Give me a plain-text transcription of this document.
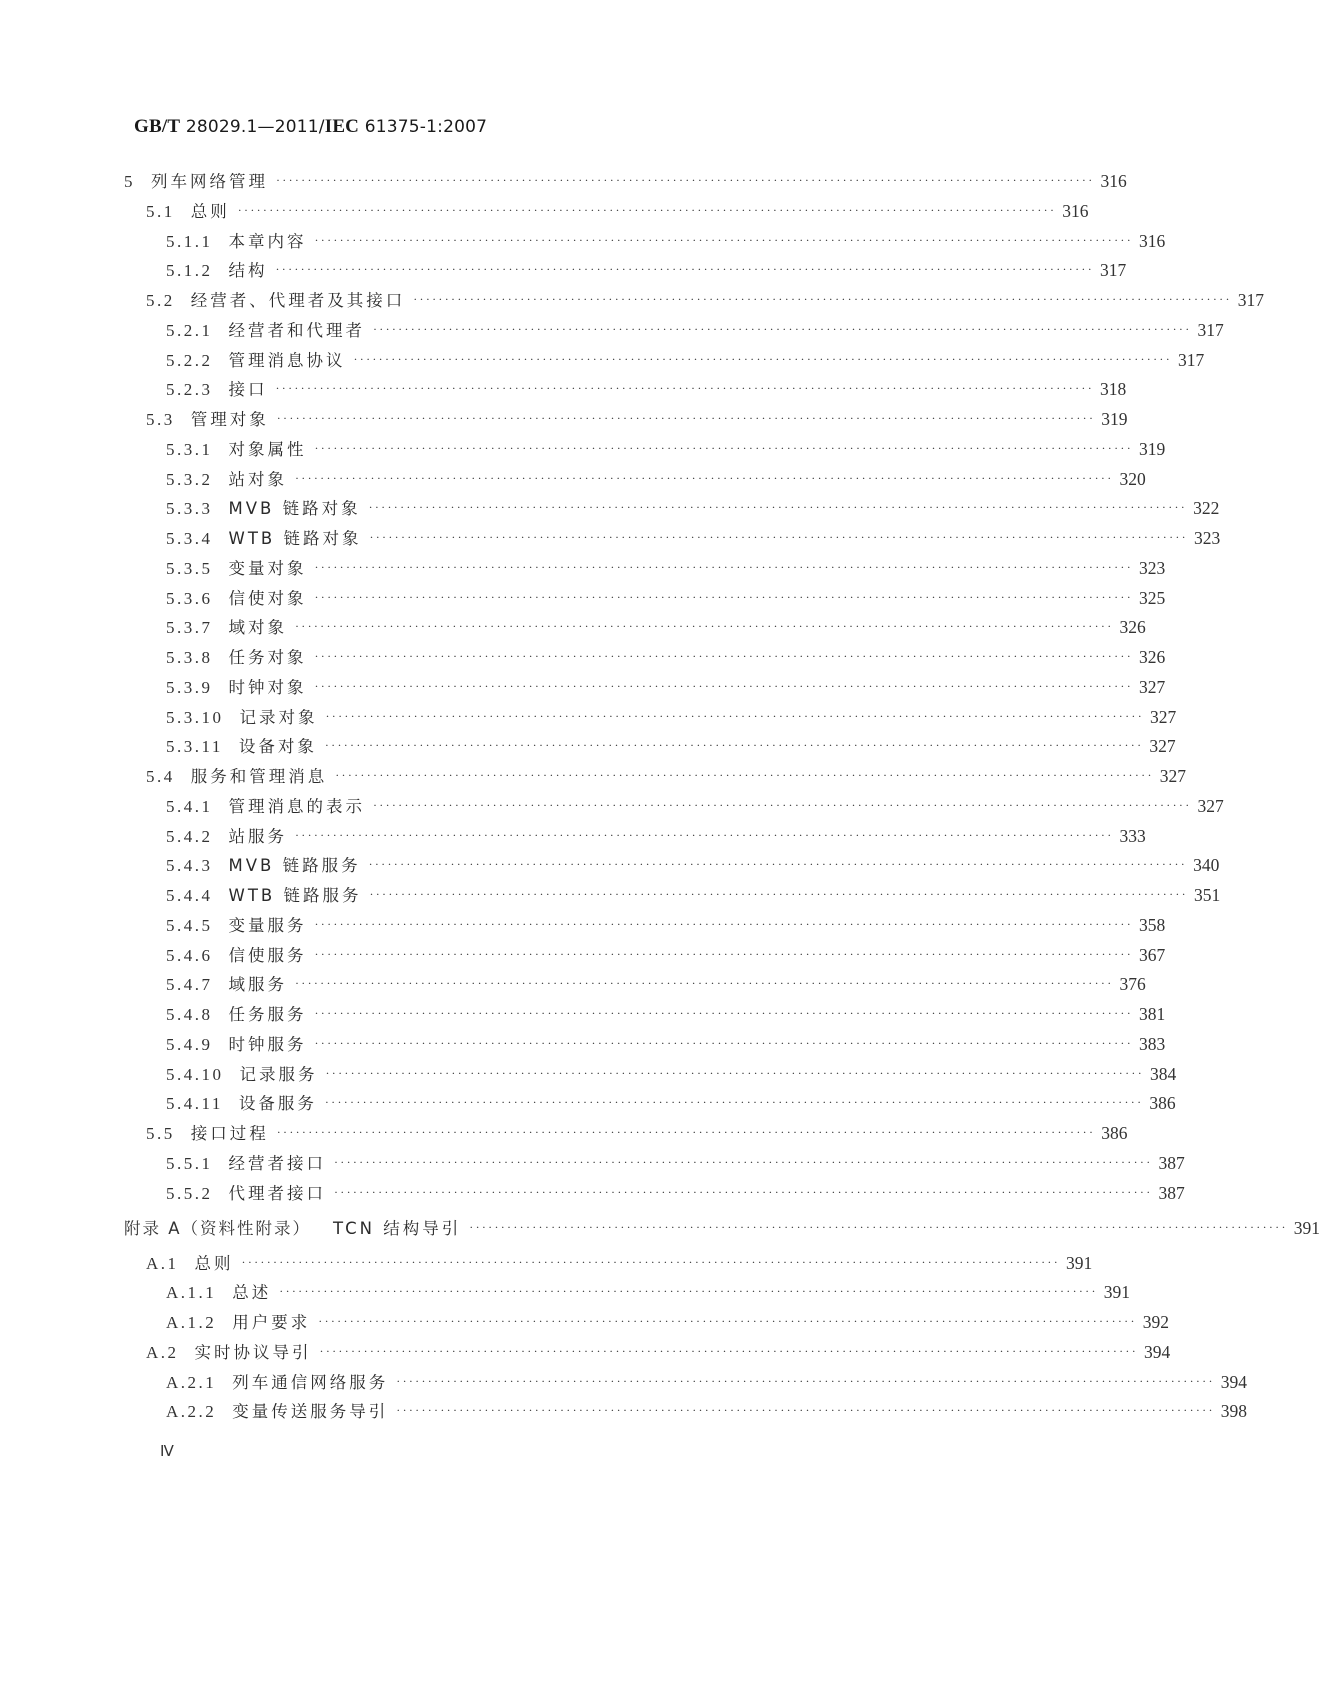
GB/T 28029.1—2011/IEC 61375-1:2007
5 列车网络管理 ·································································································································· 316
5.1 总则 ·································································································································· 316
5.1.1 本章内容 ·································································································································· 316
5.1.2 结构 ·································································································································· 317
5.2 经营者、代理者及其接口 ·································································································································· 317
5.2.1 经营者和代理者 ·································································································································· 317
5.2.2 管理消息协议 ·································································································································· 317
5.2.3 接口 ·································································································································· 318
5.3 管理对象 ·································································································································· 319
5.3.1 对象属性 ·································································································································· 319
5.3.2 站对象 ·································································································································· 320
5.3.3 MVB 链路对象 ·································································································································· 322
5.3.4 WTB 链路对象 ·································································································································· 323
5.3.5 变量对象 ·································································································································· 323
5.3.6 信使对象 ·································································································································· 325
5.3.7 域对象 ·································································································································· 326
5.3.8 任务对象 ·································································································································· 326
5.3.9 时钟对象 ·································································································································· 327
5.3.10 记录对象 ·································································································································· 327
5.3.11 设备对象 ·································································································································· 327
5.4 服务和管理消息 ·································································································································· 327
5.4.1 管理消息的表示 ·································································································································· 327
5.4.2 站服务 ·································································································································· 333
5.4.3 MVB 链路服务 ·································································································································· 340
5.4.4 WTB 链路服务 ·································································································································· 351
5.4.5 变量服务 ·································································································································· 358
5.4.6 信使服务 ·································································································································· 367
5.4.7 域服务 ·································································································································· 376
5.4.8 任务服务 ·································································································································· 381
5.4.9 时钟服务 ·································································································································· 383
5.4.10 记录服务 ·································································································································· 384
5.4.11 设备服务 ·································································································································· 386
5.5 接口过程 ·································································································································· 386
5.5.1 经营者接口 ·································································································································· 387
5.5.2 代理者接口 ·································································································································· 387
附录 A（资料性附录） TCN 结构导引 ·································································································································· 391
A.1 总则 ·································································································································· 391
A.1.1 总述 ·································································································································· 391
A.1.2 用户要求 ·································································································································· 392
A.2 实时协议导引 ·································································································································· 394
A.2.1 列车通信网络服务 ·································································································································· 394
A.2.2 变量传送服务导引 ·································································································································· 398
Ⅳ
